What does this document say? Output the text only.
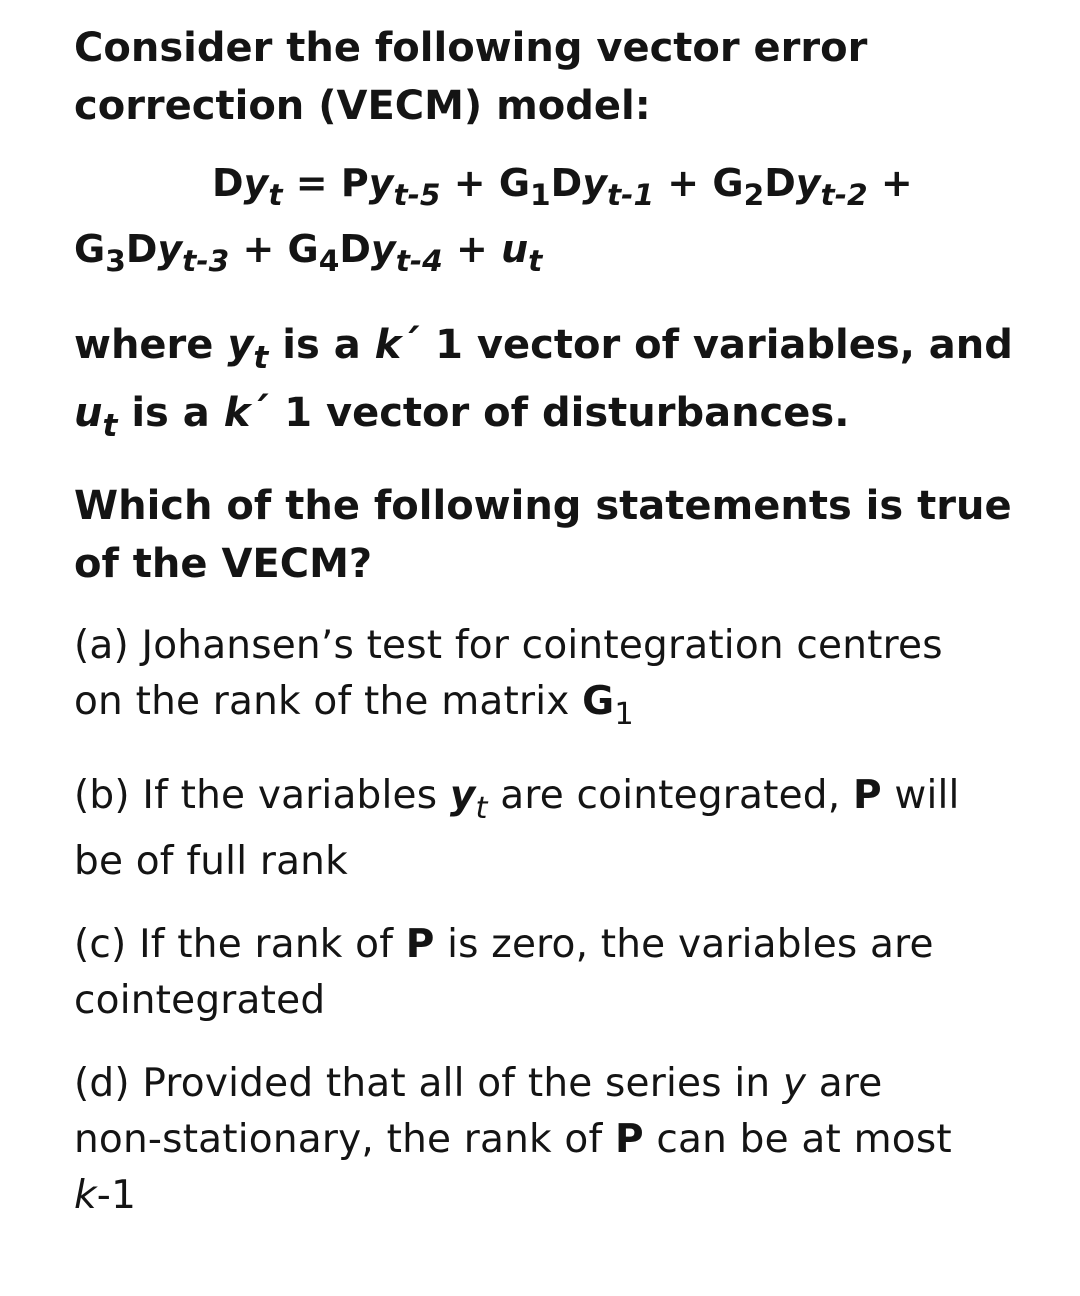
Consider the following vector error
correction (VECM) model:
$Dy_t = Py_{t-5} + G_1Dy_{t-1} + G_2Dy_{t-2}$ +
$G_3Dy_{t-3} + G_4Dy_{t-4} + u_t$
where $y_t$ is a k´ 1 vector of variables, and
$u_t$ is a k´ 1 vector of disturbances.
Which of the following statements is true
of the VECM?
(a) Johansen’s test for cointegration centres
on the rank of the matrix $G_1$
(b) If the variables $y_t$ are cointegrated, P will
be of full rank
(c) If the rank of P is zero, the variables are
cointegrated
(d) Provided that all of the series in y are
non-stationary, the rank of P can be at most
k-1
